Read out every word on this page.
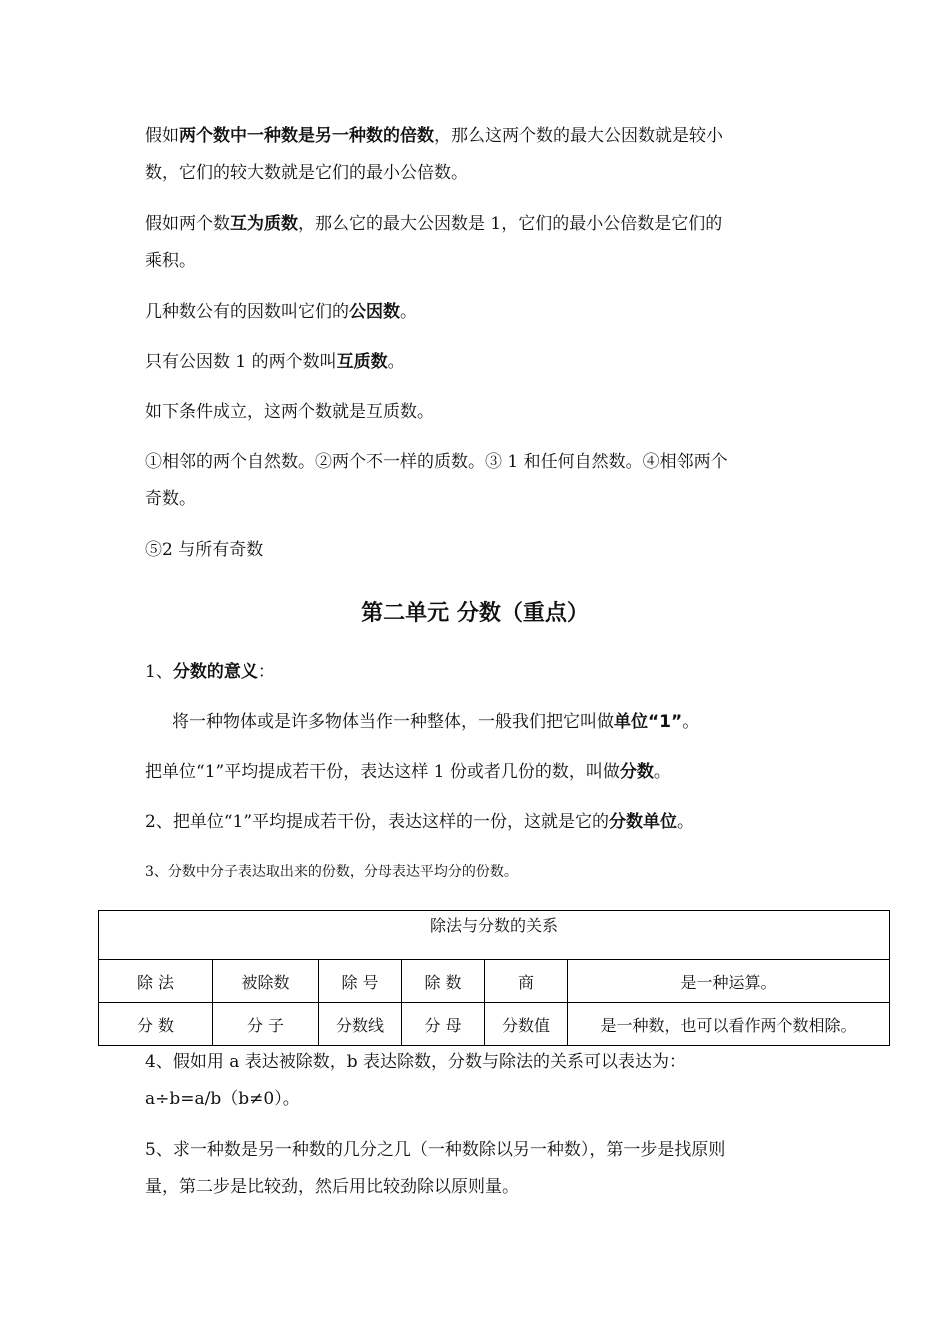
假如两个数中一种数是另一种数的倍数，那么这两个数的最大公因数就是较小
数，它们的较大数就是它们的最小公倍数。
假如两个数互为质数，那么它的最大公因数是 1，它们的最小公倍数是它们的
乘积。
几种数公有的因数叫它们的公因数。
只有公因数 1 的两个数叫互质数。
如下条件成立，这两个数就是互质数。
①相邻的两个自然数。②两个不一样的质数。③ 1 和任何自然数。④相邻两个
奇数。
⑤2 与所有奇数
第二单元 分数（重点）
1、分数的意义：
将一种物体或是许多物体当作一种整体，一般我们把它叫做单位“1”。
把单位“1”平均提成若干份，表达这样 1 份或者几份的数，叫做分数。
2、把单位“1”平均提成若干份，表达这样的一份，这就是它的分数单位。
3、分数中分子表达取出来的份数，分母表达平均分的份数。
除法与分数的关系					
除 法	被除数	除 号	除 数	商	是一种运算。
分 数	分 子	分数线	分 母	分数值	是一种数，也可以看作两个数相除。
4、假如用 a 表达被除数，b 表达除数，分数与除法的关系可以表达为：
a÷b=a/b（b≠0）。
5、求一种数是另一种数的几分之几（一种数除以另一种数），第一步是找原则
量，第二步是比较劲，然后用比较劲除以原则量。
